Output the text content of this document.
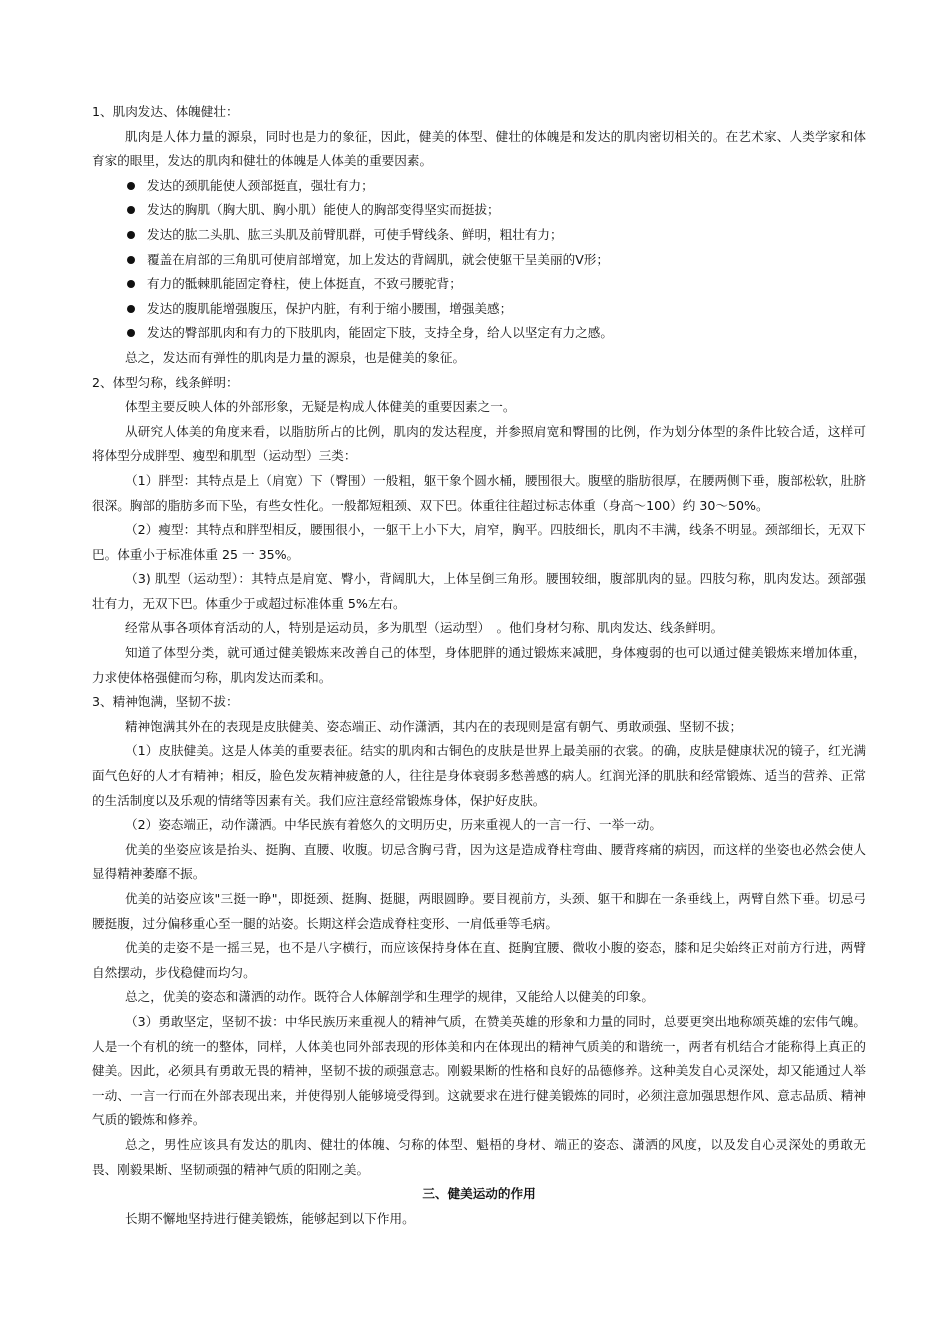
1、肌肉发达、体魄健壮：

肌肉是人体力量的源泉，同时也是力的象征，因此，健美的体型、健壮的体魄是和发达的肌肉密切相关的。在艺术家、人类学家和体育家的眼里，发达的肌肉和健壮的体魄是人体美的重要因素。

发达的颈肌能使人颈部挺直，强壮有力；
发达的胸肌（胸大肌、胸小肌）能使人的胸部变得坚实而挺拔；
发达的肱二头肌、肱三头肌及前臂肌群，可使手臂线条、鲜明，粗壮有力；
覆盖在肩部的三角肌可使肩部增宽，加上发达的背阔肌，就会使躯干呈美丽的Ⅴ形；
有力的骶棘肌能固定脊柱，使上体挺直，不致弓腰驼背；
发达的腹肌能增强腹压，保护内脏，有利于缩小腰围，增强美感；
发达的臀部肌肉和有力的下肢肌肉，能固定下肢，支持全身，给人以坚定有力之感。

总之，发达而有弹性的肌肉是力量的源泉，也是健美的象征。

2、体型匀称，线条鲜明：

体型主要反映人体的外部形象，无疑是构成人体健美的重要因素之一。

从研究人体美的角度来看，以脂肪所占的比例，肌肉的发达程度，并参照肩宽和臀围的比例，作为划分体型的条件比较合适，这样可将体型分成胖型、瘦型和肌型（运动型）三类：

（1）胖型：其特点是上（肩宽）下（臀围）一般粗，躯干象个圆水桶，腰围很大。腹壁的脂肪很厚，在腰两侧下垂，腹部松软，肚脐很深。胸部的脂肪多而下坠，有些女性化。一般都短粗颈、双下巴。体重往往超过标志体重（身高～100）约 30～50%。

（2）瘦型：其特点和胖型相反，腰围很小，一躯干上小下大，肩窄，胸平。四肢细长，肌肉不丰满，线条不明显。颈部细长，无双下巴。体重小于标准体重 25 一 35%。

（3) 肌型（运动型）：其特点是肩宽、臀小，背阔肌大，上体呈倒三角形。腰围较细，腹部肌肉的显。四肢匀称，肌肉发达。颈部强壮有力，无双下巴。体重少于或超过标准体重 5%左右。

经常从事各项体育活动的人，特别是运动员，多为肌型（运动型）　。他们身材匀称、肌肉发达、线条鲜明。

知道了体型分类，就可通过健美锻炼来改善自己的体型，身体肥胖的通过锻炼来减肥，身体瘦弱的也可以通过健美锻炼来增加体重，力求使体格强健而匀称，肌肉发达而柔和。

3、精神饱满，坚韧不拔：

精神饱满其外在的表现是皮肤健美、姿态端正、动作潇洒，其内在的表现则是富有朝气、勇敢顽强、坚韧不拔；

（1）皮肤健美。这是人体美的重要表征。结实的肌肉和古铜色的皮肤是世界上最美丽的衣裳。的确，皮肤是健康状况的镜子，红光满面气色好的人才有精神；相反，脸色发灰精神疲惫的人，往往是身体衰弱多愁善感的病人。红润光泽的肌肤和经常锻炼、适当的营养、正常的生活制度以及乐观的情绪等因素有关。我们应注意经常锻炼身体，保护好皮肤。

（2）姿态端正，动作潇洒。中华民族有着悠久的文明历史，历来重视人的一言一行、一举一动。

优美的坐姿应该是抬头、挺胸、直腰、收腹。切忌含胸弓背，因为这是造成脊柱弯曲、腰背疼痛的病因，而这样的坐姿也必然会使人显得精神萎靡不振。

优美的站姿应该"三挺一睁"，即挺颈、挺胸、挺腿，两眼圆睁。要目视前方，头颈、躯干和脚在一条垂线上，两臂自然下垂。切忌弓腰挺腹，过分偏移重心至一腿的站姿。长期这样会造成脊柱变形、一肩低垂等毛病。

优美的走姿不是一摇三晃，也不是八字横行，而应该保持身体在直、挺胸宜腰、微收小腹的姿态，膝和足尖始终正对前方行进，两臂自然摆动，步伐稳健而均匀。

总之，优美的姿态和潇洒的动作。既符合人体解剖学和生理学的规律，又能给人以健美的印象。

（3）勇敢坚定，坚韧不拔：中华民族历来重视人的精神气质，在赞美英雄的形象和力量的同时，总要更突出地称颂英雄的宏伟气魄。人是一个有机的统一的整体，同样，人体美也同外部表现的形体美和内在体现出的精神气质美的和谐统一，两者有机结合才能称得上真正的健美。因此，必须具有勇敢无畏的精神，坚韧不拔的顽强意志。刚毅果断的性格和良好的品德修养。这种美发自心灵深处，却又能通过人举一动、一言一行而在外部表现出来，并使得别人能够境受得到。这就要求在进行健美锻炼的同时，必须注意加强思想作风、意志品质、精神气质的锻炼和修养。

总之，男性应该具有发达的肌肉、健壮的体魄、匀称的体型、魁梧的身材、端正的姿态、潇洒的风度，以及发自心灵深处的勇敢无畏、刚毅果断、坚韧顽强的精神气质的阳刚之美。

三、健美运动的作用

长期不懈地坚持进行健美锻炼，能够起到以下作用。
